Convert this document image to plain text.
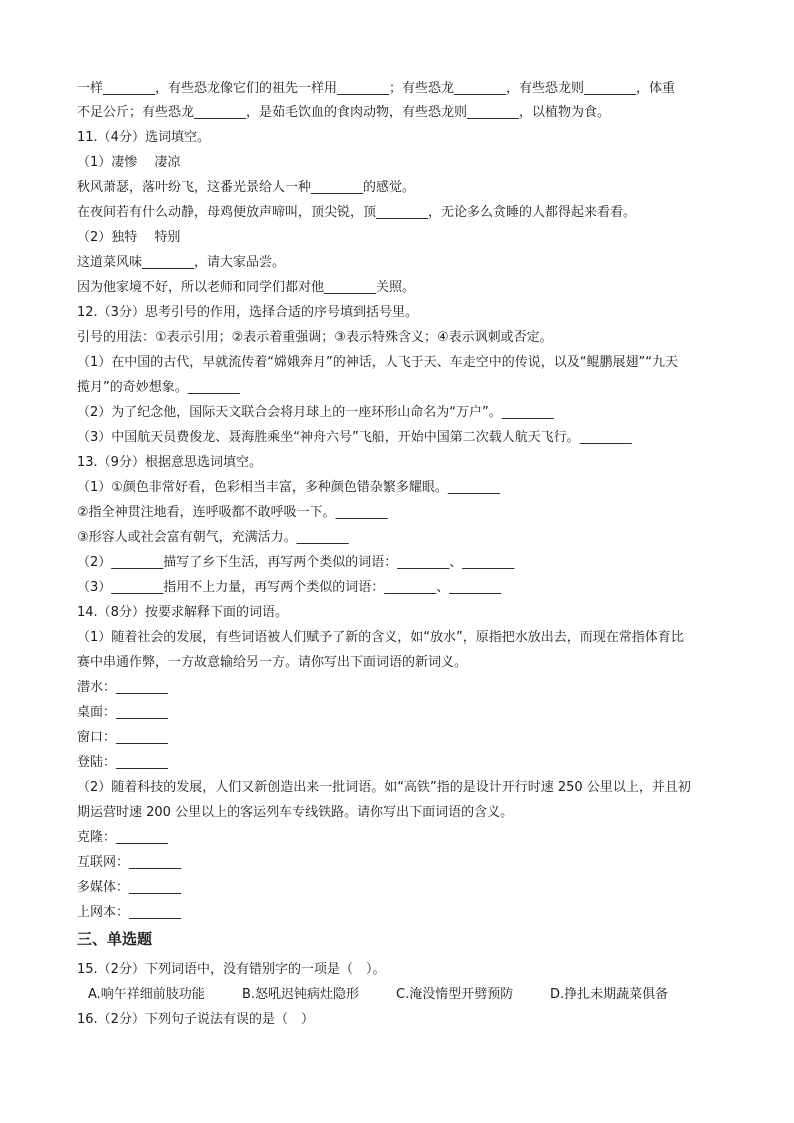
一样________，有些恐龙像它们的祖先一样用________；有些恐龙________，有些恐龙则________，体重
不足公斤；有些恐龙________，是茹毛饮血的食肉动物，有些恐龙则________，以植物为食。
11.（4分）选词填空。
（1）凄惨　 凄凉
秋风萧瑟，落叶纷飞，这番光景给人一种________的感觉。
在夜间若有什么动静，母鸡便放声啼叫，顶尖锐，顶________，无论多么贪睡的人都得起来看看。
（2）独特　 特别
这道菜风味________，请大家品尝。
因为他家境不好，所以老师和同学们都对他________关照。
12.（3分）思考引号的作用，选择合适的序号填到括号里。
引号的用法：①表示引用；②表示着重强调；③表示特殊含义；④表示讽刺或否定。
（1）在中国的古代，早就流传着“嫦娥奔月”的神话，人飞于天、车走空中的传说，以及“鲲鹏展翅”“九天
揽月”的奇妙想象。________
（2）为了纪念他，国际天文联合会将月球上的一座环形山命名为“万户”。________
（3）中国航天员费俊龙、聂海胜乘坐“神舟六号”飞船，开始中国第二次载人航天飞行。________
13.（9分）根据意思选词填空。
（1）①颜色非常好看，色彩相当丰富，多种颜色错杂繁多耀眼。________
②指全神贯注地看，连呼吸都不敢呼吸一下。________
③形容人或社会富有朝气，充满活力。________
（2）________描写了乡下生活，再写两个类似的词语：________、________
（3）________指用不上力量，再写两个类似的词语：________、________
14.（8分）按要求解释下面的词语。
（1）随着社会的发展，有些词语被人们赋予了新的含义，如“放水”，原指把水放出去，而现在常指体育比
赛中串通作弊，一方故意输给另一方。请你写出下面词语的新词义。
潜水：________
桌面：________
窗口：________
登陆：________
（2）随着科技的发展，人们又新创造出来一批词语。如“高铁”指的是设计开行时速 250 公里以上，并且初
期运营时速 200 公里以上的客运列车专线铁路。请你写出下面词语的含义。
克隆：________
互联网：________
多媒体：________
上网本：________
三、单选题
15.（2分）下列词语中，没有错别字的一项是（　）。
A.响午祥细前肢功能	B.怒吼迟钝病灶隐形	C.淹没惰型开劈预防	D.挣扎未期蔬菜俱备
16.（2分）下列句子说法有误的是（　）
